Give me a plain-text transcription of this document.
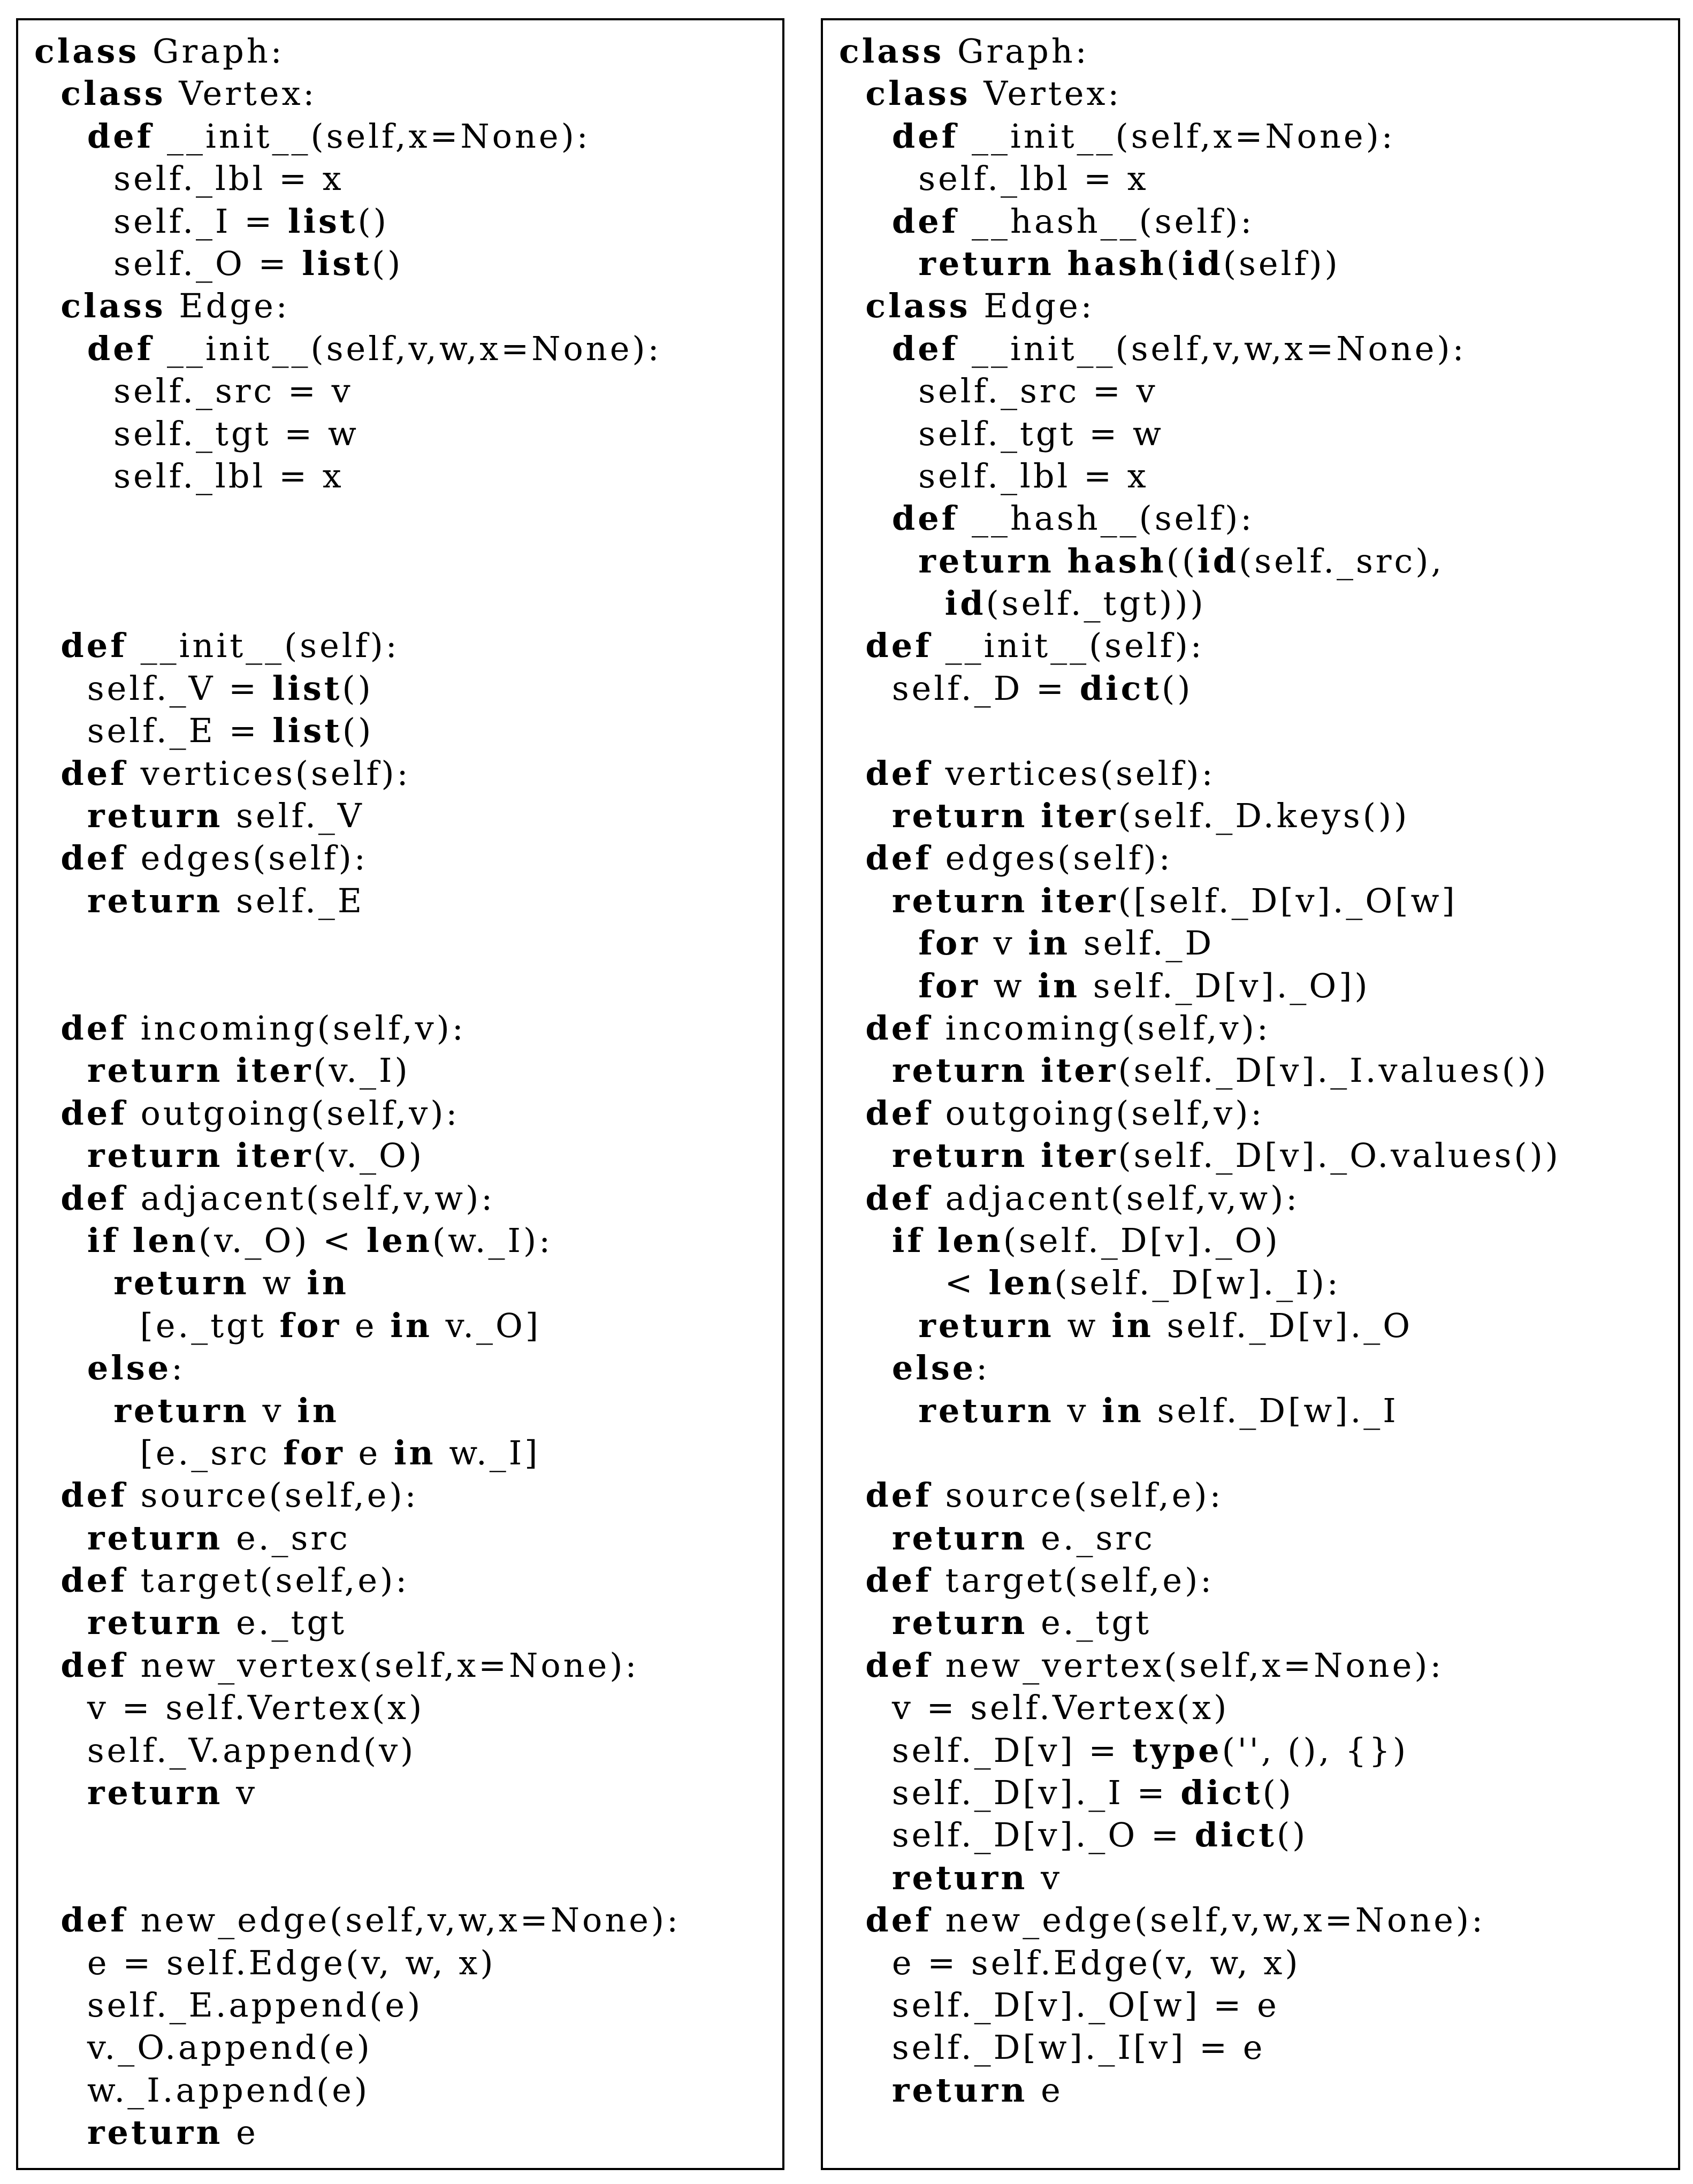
class Graph:
class Vertex:
def __init__(self,x=None):
self._lbl = x
self._I = list()
self._O = list()
class Edge:
def __init__(self,v,w,x=None):
self._src = v
self._tgt = w
self._lbl = x
def __init__(self):
self._V = list()
self._E = list()
def vertices(self):
return self._V
def edges(self):
return self._E
def incoming(self,v):
return iter(v._I)
def outgoing(self,v):
return iter(v._O)
def adjacent(self,v,w):
if len(v._O) < len(w._I):
return w in
[e._tgt for e in v._O]
else:
return v in
[e._src for e in w._I]
def source(self,e):
return e._src
def target(self,e):
return e._tgt
def new_vertex(self,x=None):
v = self.Vertex(x)
self._V.append(v)
return v
def new_edge(self,v,w,x=None):
e = self.Edge(v, w, x)
self._E.append(e)
v._O.append(e)
w._I.append(e)
return e
class Graph:
class Vertex:
def __init__(self,x=None):
self._lbl = x
def __hash__(self):
return hash(id(self))
class Edge:
def __init__(self,v,w,x=None):
self._src = v
self._tgt = w
self._lbl = x
def __hash__(self):
return hash((id(self._src),
id(self._tgt)))
def __init__(self):
self._D = dict()
def vertices(self):
return iter(self._D.keys())
def edges(self):
return iter([self._D[v]._O[w]
for v in self._D
for w in self._D[v]._O])
def incoming(self,v):
return iter(self._D[v]._I.values())
def outgoing(self,v):
return iter(self._D[v]._O.values())
def adjacent(self,v,w):
if len(self._D[v]._O)
< len(self._D[w]._I):
return w in self._D[v]._O
else:
return v in self._D[w]._I
def source(self,e):
return e._src
def target(self,e):
return e._tgt
def new_vertex(self,x=None):
v = self.Vertex(x)
self._D[v] = type('', (), {})
self._D[v]._I = dict()
self._D[v]._O = dict()
return v
def new_edge(self,v,w,x=None):
e = self.Edge(v, w, x)
self._D[v]._O[w] = e
self._D[w]._I[v] = e
return e
